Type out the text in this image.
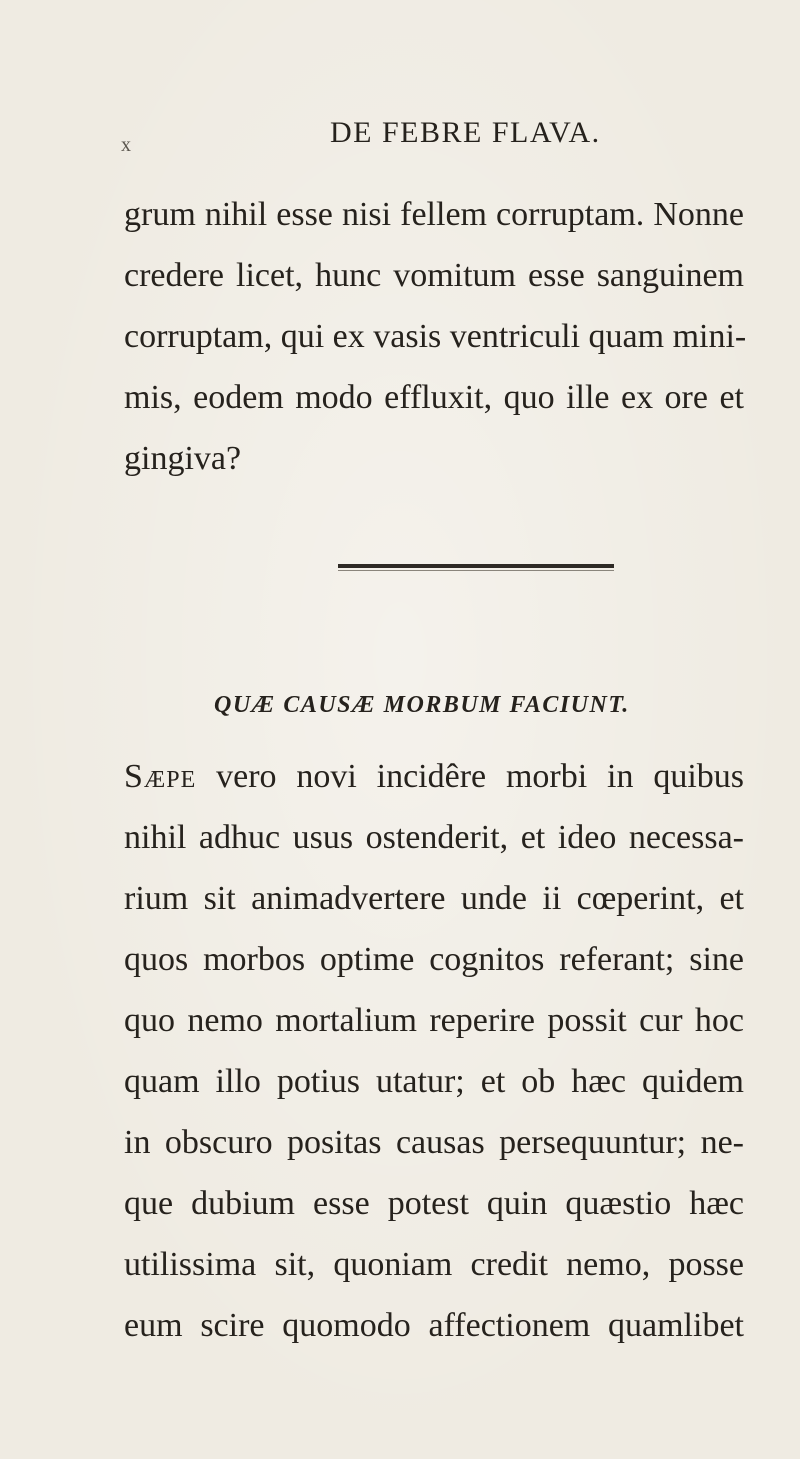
x	DE FEBRE FLAVA.
grum nihil esse nisi fellem corruptam. Nonne
credere licet, hunc vomitum esse sanguinem
corruptam, qui ex vasis ventriculi quam mini-
mis, eodem modo effluxit, quo ille ex ore et
gingiva?
QUÆ CAUSÆ MORBUM FACIUNT.
Sæpe vero novi incidêre morbi in quibus
nihil adhuc usus ostenderit, et ideo necessa-
rium sit animadvertere unde ii cœperint, et
quos morbos optime cognitos referant; sine
quo nemo mortalium reperire possit cur hoc
quam illo potius utatur; et ob hæc quidem
in obscuro positas causas persequuntur; ne-
que dubium esse potest quin quæstio hæc
utilissima sit, quoniam credit nemo, posse
eum scire quomodo affectionem quamlibet
